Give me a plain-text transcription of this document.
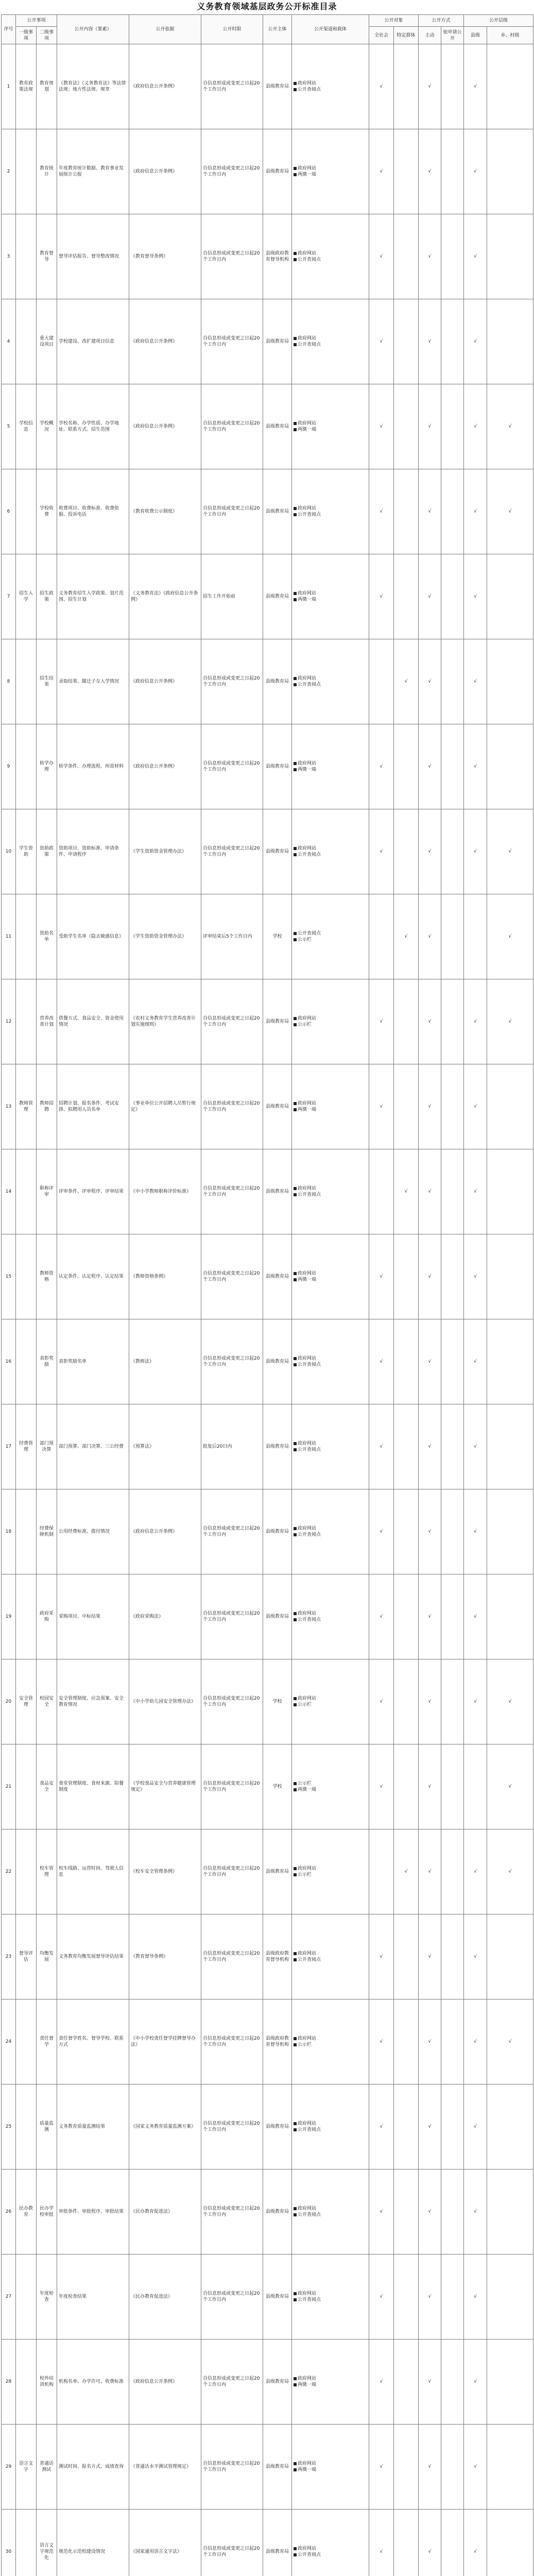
义务教育领域基层政务公开标准目录
序号	公开事项		公开内容（要素）	公开依据	公开时限	公开主体	公开渠道和载体	公开对象		公开方式		公开层级	
	一级事项	二级事项						全社会	特定群体	主动	依申请公开	县级	乡、村级
1	教育政策法规	教育规划	《教育法》《义务教育法》等法律法规；地方性法规、规章	《政府信息公开条例》	自信息形成或变更之日起20个工作日内	县级教育局	政府网站
公开查阅点	√		√		√	
2		教育统计	年度教育统计数据、教育事业发展统计公报	《政府信息公开条例》	自信息形成或变更之日起20个工作日内	县级教育局	政府网站
两微一端	√		√		√	
3		教育督导	督导评估报告、督导整改情况	《教育督导条例》	自信息形成或变更之日起20个工作日内	县级政府教育督导机构	政府网站
公开查阅点	√		√		√	
4		重大建设项目	学校建设、改扩建项目信息	《政府信息公开条例》	自信息形成或变更之日起20个工作日内	县级教育局	政府网站
公开查阅点	√		√		√	
5	学校信息	学校概况	学校名称、办学性质、办学地址、联系方式、招生范围	《政府信息公开条例》	自信息形成或变更之日起20个工作日内	县级教育局	政府网站
两微一端	√		√		√	√
6		学校收费	收费项目、收费标准、收费依据、投诉电话	《教育收费公示制度》	自信息形成或变更之日起20个工作日内	县级教育局	政府网站
公开查阅点	√		√		√	√
7	招生入学	招生政策	义务教育招生入学政策、划片范围、招生计划	《义务教育法》《政府信息公开条例》	招生工作开始前	县级教育局	政府网站
两微一端	√		√		√	
8		招生结果	录取结果、随迁子女入学情况	《政府信息公开条例》	自信息形成或变更之日起20个工作日内	县级教育局	政府网站
公开查阅点		√	√		√	
9		转学办理	转学条件、办理流程、所需材料	《政府信息公开条例》	自信息形成或变更之日起20个工作日内	县级教育局	政府网站
两微一端	√		√		√	
10	学生资助	资助政策	资助项目、资助标准、申请条件、申请程序	《学生资助资金管理办法》	自信息形成或变更之日起20个工作日内	县级教育局	政府网站
公开查阅点	√		√		√	√
11		资助名单	受助学生名单（隐去敏感信息）	《学生资助资金管理办法》	评审结束后5个工作日内	学校	公开查阅点
公示栏		√	√			√
12		营养改善计划	供餐方式、食品安全、资金使用情况	《农村义务教育学生营养改善计划实施细则》	自信息形成或变更之日起20个工作日内	县级教育局	政府网站
公示栏	√		√		√	√
13	教师管理	教师招聘	招聘计划、报名条件、考试安排、拟聘用人员名单	《事业单位公开招聘人员暂行规定》	自信息形成或变更之日起20个工作日内	县级教育局	政府网站
两微一端	√		√		√	
14		职称评审	评审条件、评审程序、评审结果	《中小学教师职称评价标准》	自信息形成或变更之日起20个工作日内	县级教育局	政府网站
公开查阅点		√	√		√	
15		教师资格	认定条件、认定程序、认定结果	《教师资格条例》	自信息形成或变更之日起20个工作日内	县级教育局	政府网站
两微一端	√		√		√	
16		表彰奖励	表彰奖励名单	《教师法》	自信息形成或变更之日起20个工作日内	县级教育局	政府网站
公开查阅点	√		√		√	
17	经费管理	部门预决算	部门预算、部门决算、三公经费	《预算法》	批复后20日内	县级教育局	政府网站
公开查阅点	√		√		√	
18		经费保障机制	公用经费标准、拨付情况	《政府信息公开条例》	自信息形成或变更之日起20个工作日内	县级教育局	政府网站
公开查阅点	√		√		√	
19		政府采购	采购项目、中标结果	《政府采购法》	自信息形成或变更之日起20个工作日内	县级教育局	政府网站
公开查阅点	√		√		√	
20	安全管理	校园安全	安全管理制度、应急预案、安全教育情况	《中小学幼儿园安全管理办法》	自信息形成或变更之日起20个工作日内	学校	政府网站
公示栏	√		√		√	√
21		食品安全	食堂管理制度、食材来源、陪餐制度	《学校食品安全与营养健康管理规定》	自信息形成或变更之日起20个工作日内	学校	公示栏
两微一端	√		√			√
22		校车管理	校车线路、运营时间、驾驶人信息	《校车安全管理条例》	自信息形成或变更之日起20个工作日内	县级教育局	政府网站
公示栏		√	√		√	√
23	督导评估	均衡发展	义务教育均衡发展督导评估结果	《教育督导条例》	自信息形成或变更之日起20个工作日内	县级政府教育督导机构	政府网站
公开查阅点	√		√		√	
24		责任督学	责任督学姓名、督导学校、联系方式	《中小学校责任督学挂牌督导办法》	自信息形成或变更之日起20个工作日内	县级政府教育督导机构	政府网站
公示栏	√		√		√	√
25		质量监测	义务教育质量监测结果	《国家义务教育质量监测方案》	自信息形成或变更之日起20个工作日内	县级教育局	政府网站
公开查阅点	√		√		√	
26	民办教育	民办学校审批	审批条件、审批程序、审批结果	《民办教育促进法》	自信息形成或变更之日起20个工作日内	县级教育局	政府网站
公开查阅点	√		√		√	
27		年度检查	年度检查结果	《民办教育促进法》	自信息形成或变更之日起20个工作日内	县级教育局	政府网站
公开查阅点	√		√		√	
28		校外培训机构	机构名单、办学许可、收费标准	《政府信息公开条例》	自信息形成或变更之日起20个工作日内	县级教育局	政府网站
两微一端	√		√		√	
29	语言文字	普通话测试	测试时间、报名方式、成绩查询	《普通话水平测试管理规定》	自信息形成或变更之日起20个工作日内	县级教育局	政府网站
两微一端	√		√		√	
30		语言文字规范化	规范化示范校建设情况	《国家通用语言文字法》	自信息形成或变更之日起20个工作日内	县级教育局	政府网站
公开查阅点	√		√		√	
